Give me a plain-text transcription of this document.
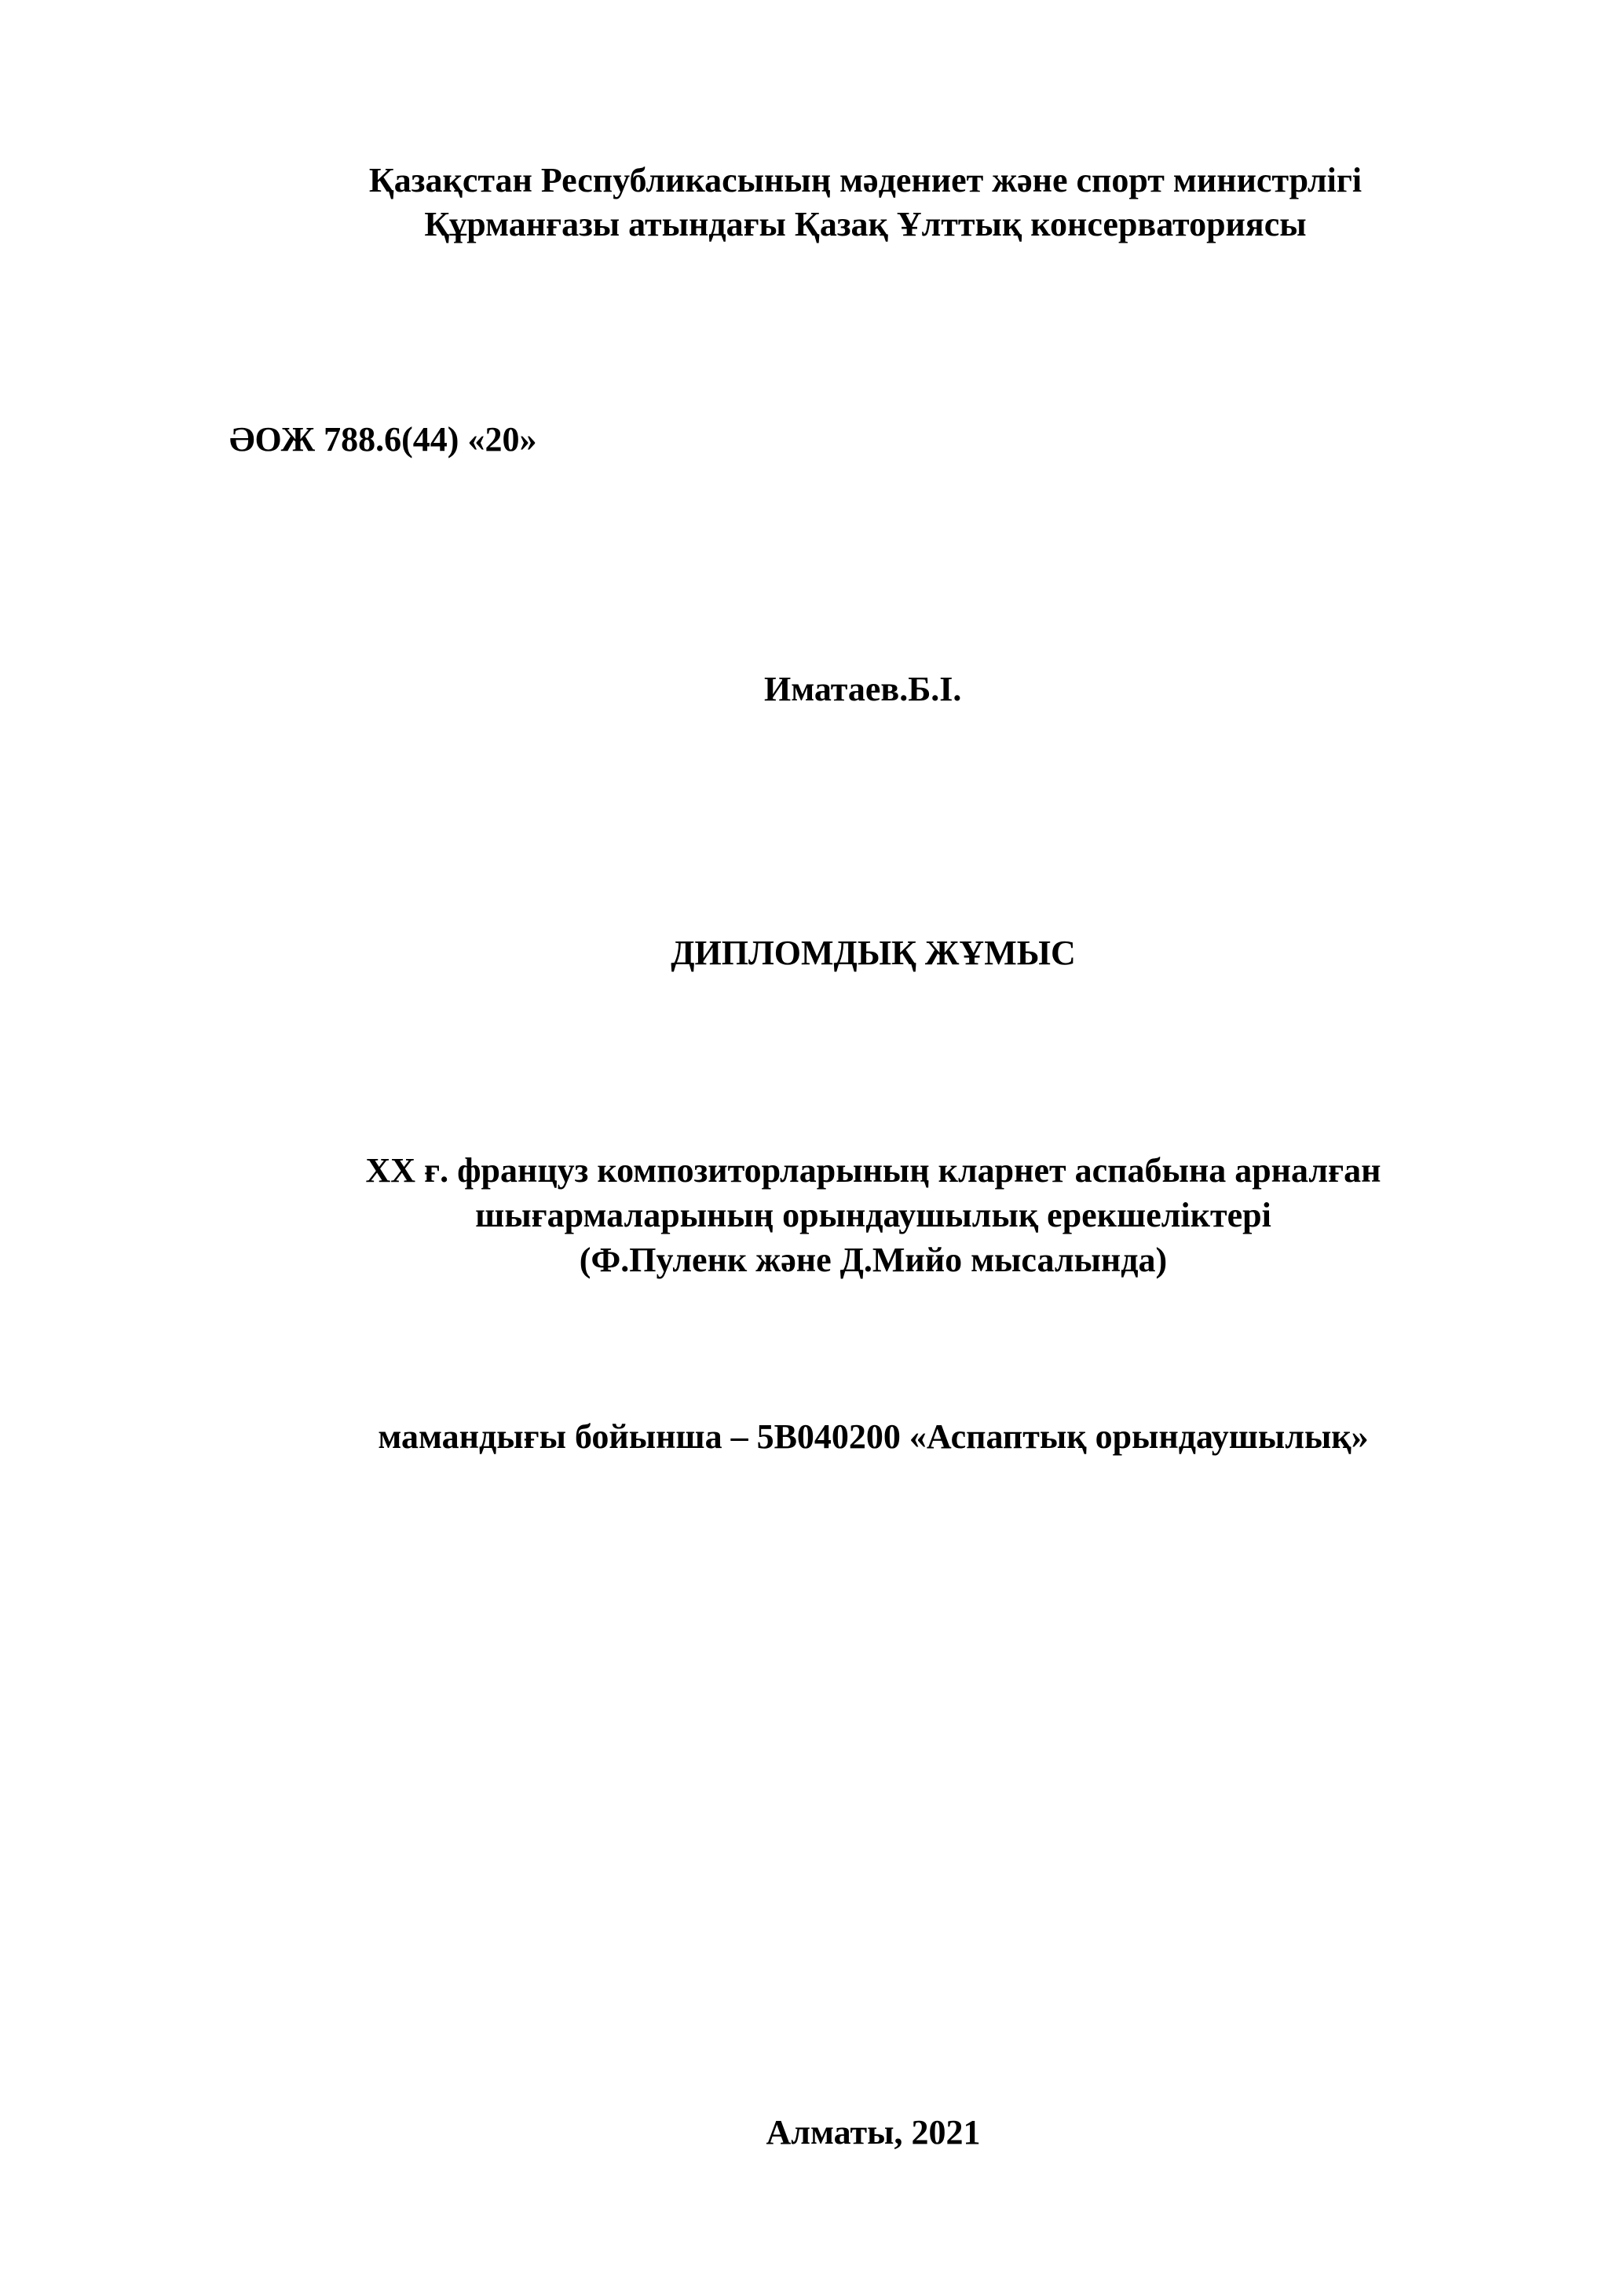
Қазақстан Республикасының мәдениет және спорт министрлігі
Құрманғазы атындағы Қазақ Ұлттық консерваториясы
ӘОЖ 788.6(44) «20»
Иматаев.Б.І.
ДИПЛОМДЫҚ ЖҰМЫС
XX ғ. француз композиторларының кларнет аспабына арналған
шығармаларының орындаушылық ерекшеліктері
(Ф.Пуленк және Д.Мийо мысалында)
мамандығы бойынша – 5В040200 «Аспаптық орындаушылық»
Алматы, 2021
